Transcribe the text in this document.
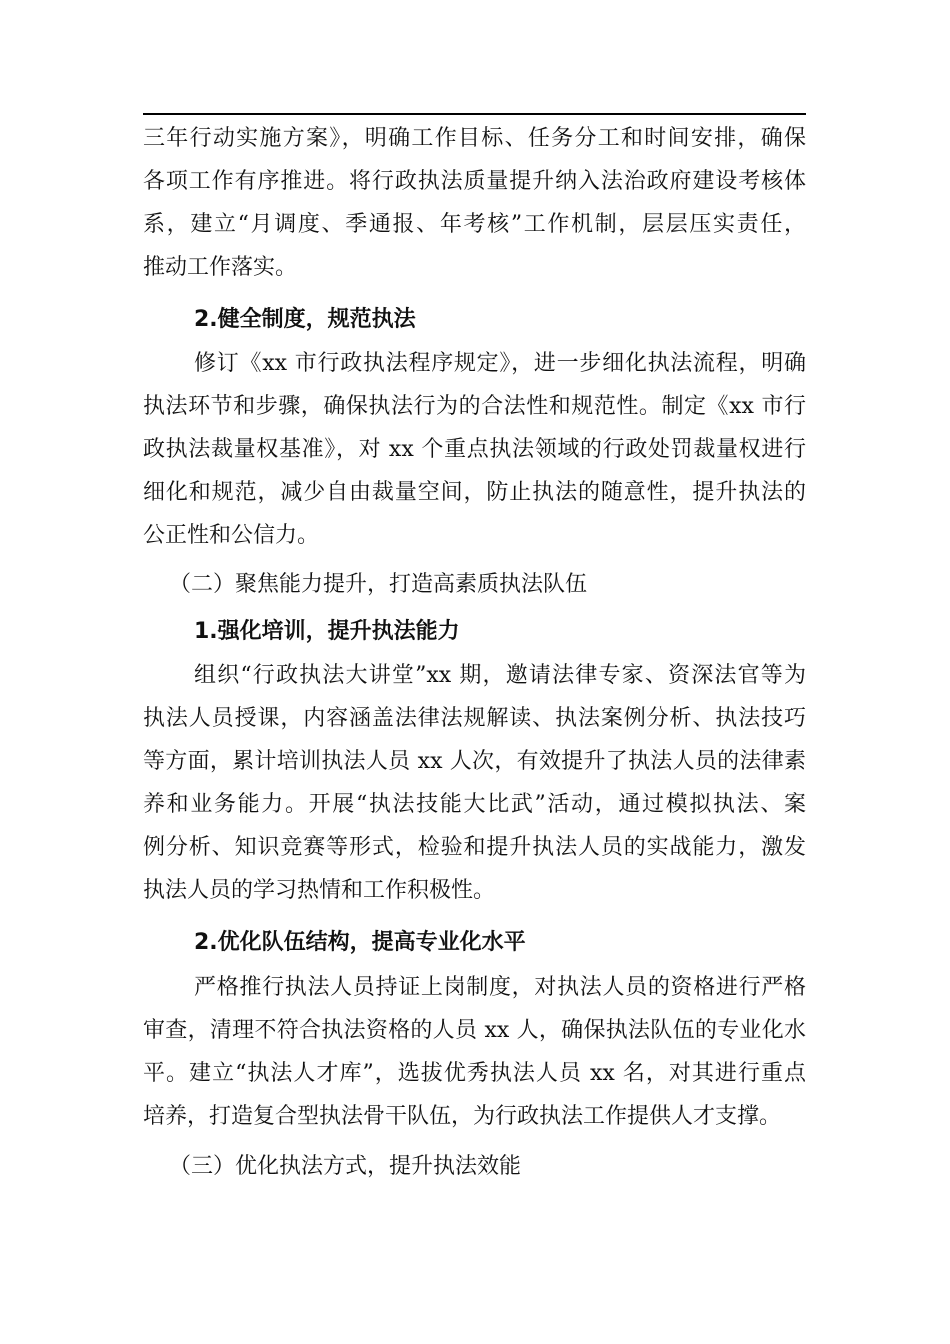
三年行动实施方案》，明确工作目标、任务分工和时间安排，确保
各项工作有序推进。将行政执法质量提升纳入法治政府建设考核体
系，建立“月调度、季通报、年考核”工作机制，层层压实责任，
推动工作落实。
2.健全制度，规范执法
修订《xx 市行政执法程序规定》，进一步细化执法流程，明确
执法环节和步骤，确保执法行为的合法性和规范性。制定《xx 市行
政执法裁量权基准》，对 xx 个重点执法领域的行政处罚裁量权进行
细化和规范，减少自由裁量空间，防止执法的随意性，提升执法的
公正性和公信力。
（二）聚焦能力提升，打造高素质执法队伍
1.强化培训，提升执法能力
组织“行政执法大讲堂”xx 期，邀请法律专家、资深法官等为
执法人员授课，内容涵盖法律法规解读、执法案例分析、执法技巧
等方面，累计培训执法人员 xx 人次，有效提升了执法人员的法律素
养和业务能力。开展“执法技能大比武”活动，通过模拟执法、案
例分析、知识竞赛等形式，检验和提升执法人员的实战能力，激发
执法人员的学习热情和工作积极性。
2.优化队伍结构，提高专业化水平
严格推行执法人员持证上岗制度，对执法人员的资格进行严格
审查，清理不符合执法资格的人员 xx 人，确保执法队伍的专业化水
平。建立“执法人才库”，选拔优秀执法人员 xx 名，对其进行重点
培养，打造复合型执法骨干队伍，为行政执法工作提供人才支撑。
（三）优化执法方式，提升执法效能
